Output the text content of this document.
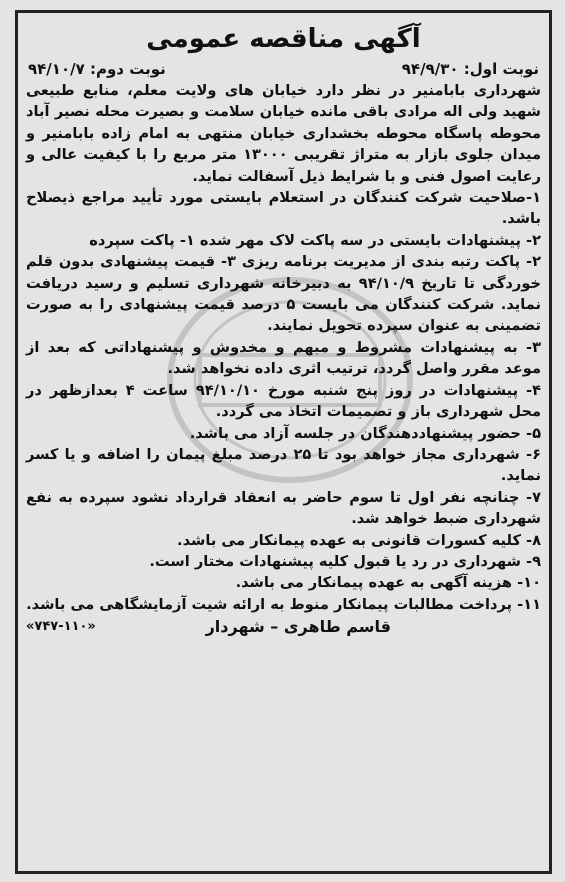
آگهی مناقصه عمومی
نوبت اول: ۹۴/۹/۳۰
نوبت دوم: ۹۴/۱۰/۷
شهرداری بابامنیر در نظر دارد خیابان های ولایت معلم، منابع طبیعی شهید ولی اله مرادی باقی مانده خیابان سلامت و بصیرت محله نصیر آباد محوطه پاسگاه محوطه بخشداری خیابان منتهی به امام زاده بابامنیر و میدان جلوی بازار به متراژ تقریبی ۱۳۰۰۰ متر مربع را با کیفیت عالی و رعایت اصول فنی و با شرایط ذیل آسفالت نماید.
۱-صلاحیت شرکت کنندگان در استعلام بایستی مورد تأیید مراجع ذیصلاح باشد.
۲- پیشنهادات بایستی در سه پاکت لاک مهر شده ۱- پاکت سپرده
۲- پاکت رتبه بندی از مدیریت برنامه ریزی ۳- قیمت پیشنهادی بدون قلم خوردگی تا تاریخ ۹۴/۱۰/۹ به دبیرخانه شهرداری تسلیم و رسید دریافت نماید. شرکت کنندگان می بایست ۵ درصد قیمت پیشنهادی را به صورت تضمینی به عنوان سپرده تحویل نمایند.
۳- به پیشنهادات مشروط و مبهم و مخدوش و پیشنهاداتی که بعد از موعد مقرر واصل گردد، ترتیب اثری داده نخواهد شد.
۴- پیشنهادات در روز پنج شنبه مورخ ۹۴/۱۰/۱۰ ساعت ۴ بعدازظهر در محل شهرداری باز و تصمیمات اتخاذ می گردد.
۵- حضور پیشنهاددهندگان در جلسه آزاد می باشد.
۶- شهرداری مجاز خواهد بود تا ۲۵ درصد مبلغ پیمان را اضافه و یا کسر نماید.
۷- چنانچه نفر اول تا سوم حاضر به انعقاد قرارداد نشود سپرده به نفع شهرداری ضبط خواهد شد.
۸- کلیه کسورات قانونی به عهده پیمانکار می باشد.
۹- شهرداری در رد یا قبول کلیه پیشنهادات مختار است.
۱۰- هزینه آگهی به عهده پیمانکار می باشد.
۱۱- پرداخت مطالبات پیمانکار منوط به ارائه شیت آزمایشگاهی می باشد.
قاسم طاهری – شهردار
«۷۴۷-۱۱۰»
